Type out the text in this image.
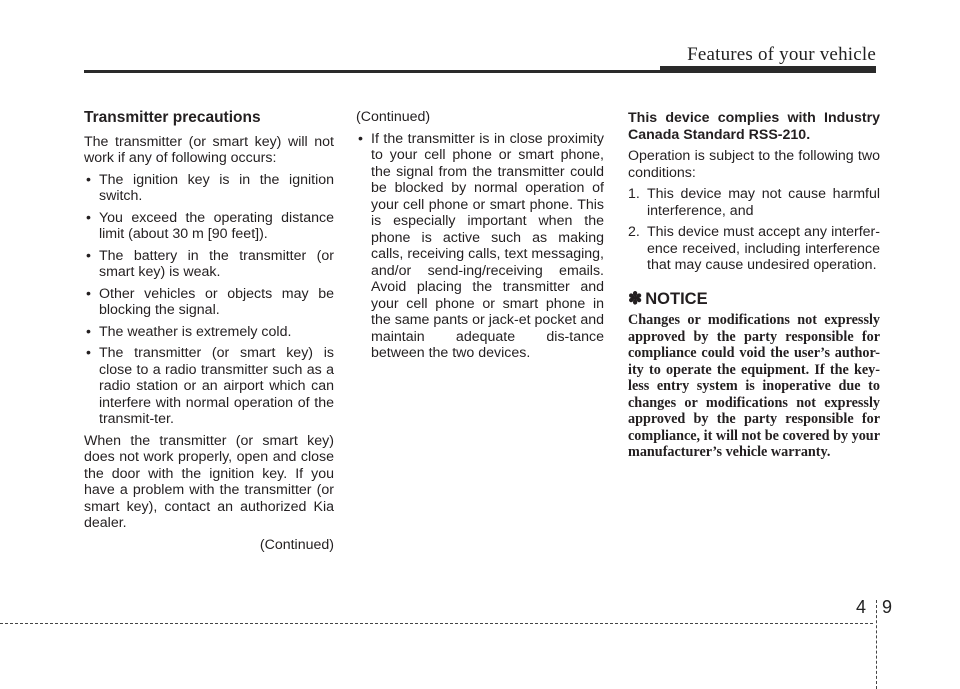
Features of your vehicle
Transmitter precautions

The transmitter (or smart key) will not work if any of following occurs:

• The ignition key is in the ignition switch.
• You exceed the operating distance limit (about 30 m [90 feet]).
• The battery in the transmitter (or smart key) is weak.
• Other vehicles or objects may be blocking the signal.
• The weather is extremely cold.
• The transmitter (or smart key) is close to a radio transmitter such as a radio station or an airport which can interfere with normal operation of the transmit-ter.

When the transmitter (or smart key) does not work properly, open and close the door with the ignition key. If you have a problem with the transmitter (or smart key), contact an authorized Kia dealer.

(Continued)

(Continued)

• If the transmitter is in close proximity to your cell phone or smart phone, the signal from the transmitter could be blocked by normal operation of your cell phone or smart phone. This is especially important when the phone is active such as making calls, receiving calls, text messaging, and/or send-ing/receiving emails. Avoid placing the transmitter and your cell phone or smart phone in the same pants or jack-et pocket and maintain adequate dis-tance between the two devices.

This device complies with Industry Canada Standard RSS-210.

Operation is subject to the following two conditions:

1. This device may not cause harmful interference, and
2. This device must accept any interfer-ence received, including interference that may cause undesired operation.
✽ NOTICE

Changes or modifications not expressly approved by the party responsible for compliance could void the user’s author-ity to operate the equipment. If the key-less entry system is inoperative due to changes or modifications not expressly approved by the party responsible for compliance, it will not be covered by your manufacturer’s vehicle warranty.

4 9
